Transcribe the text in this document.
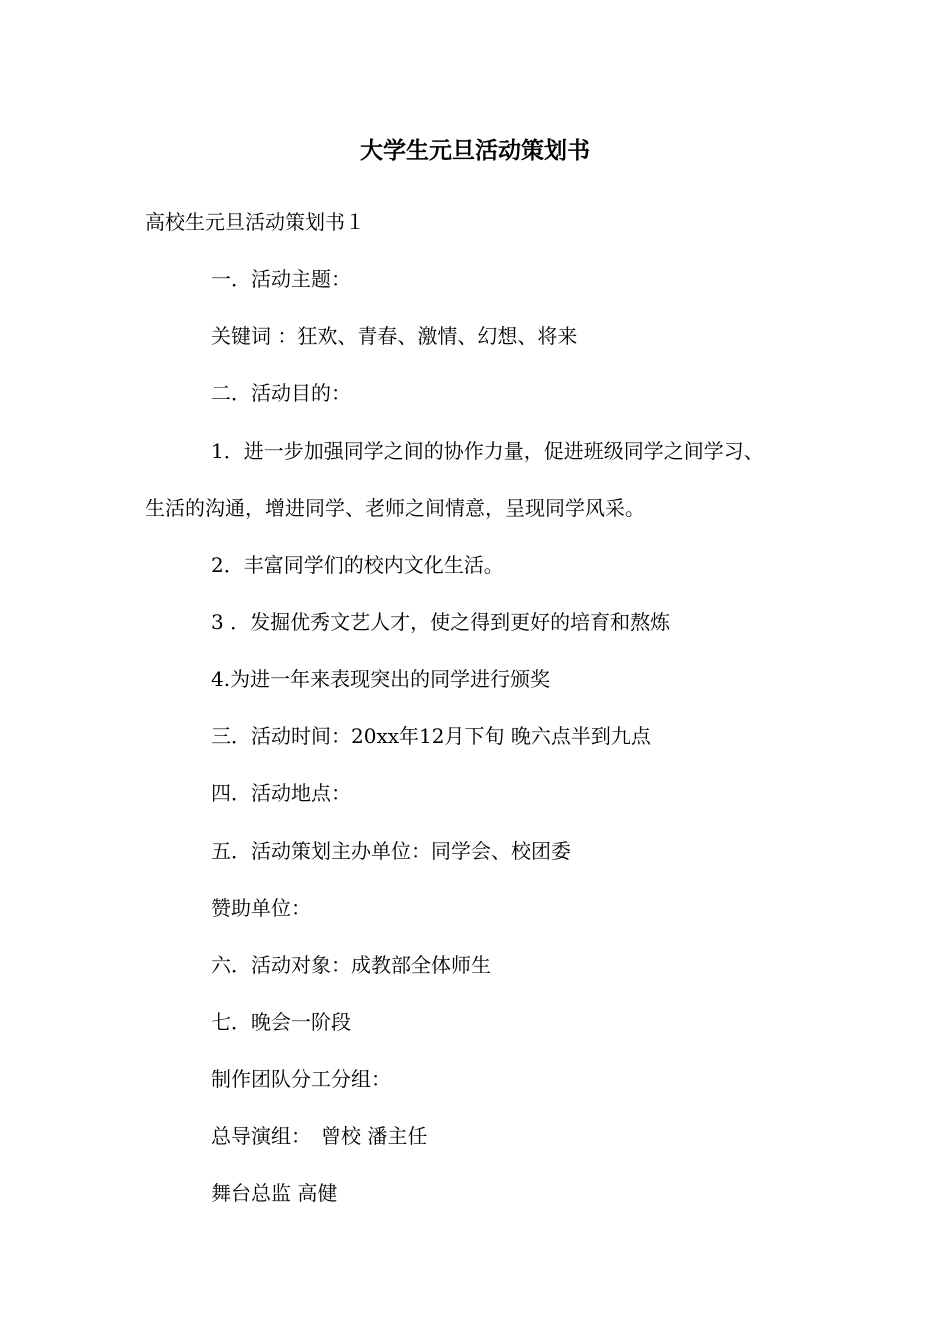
大学生元旦活动策划书
高校生元旦活动策划书１
一．活动主题：
关键词 ：狂欢、青春、激情、幻想、将来
二．活动目的：
1．进一步加强同学之间的协作力量，促进班级同学之间学习、
生活的沟通，增进同学、老师之间情意，呈现同学风采。
2．丰富同学们的校内文化生活。
3 ．发掘优秀文艺人才，使之得到更好的培育和熬炼
4.为进一年来表现突出的同学进行颁奖
三．活动时间：20xx年12月下旬 晚六点半到九点
四．活动地点：
五．活动策划主办单位：同学会、校团委
赞助单位：
六．活动对象：成教部全体师生
七．晚会一阶段
制作团队分工分组：
总导演组：　曾校 潘主任
舞台总监 高健
